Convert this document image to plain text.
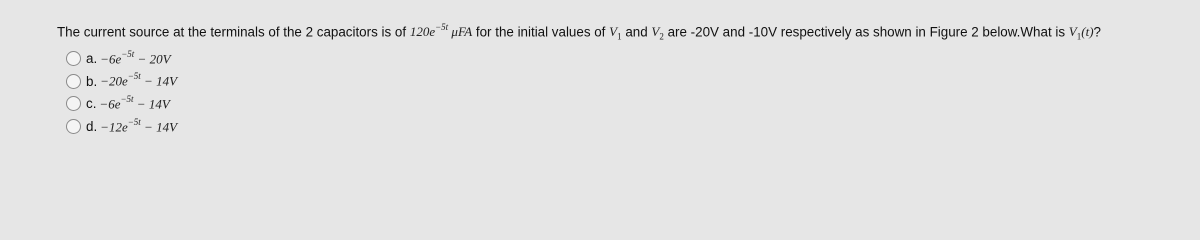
The current source at the terminals of the 2 capacitors is of $120e^{-5t}$ μFA for the initial values of $V_1$ and $V_2$ are -20V and -10V respectively as shown in Figure 2 below.What is $V_1(t)$?
a. $-6e^{-5t} - 20V$
b. $-20e^{-5t} - 14V$
c. $-6e^{-5t} - 14V$
d. $-12e^{-5t} - 14V$
